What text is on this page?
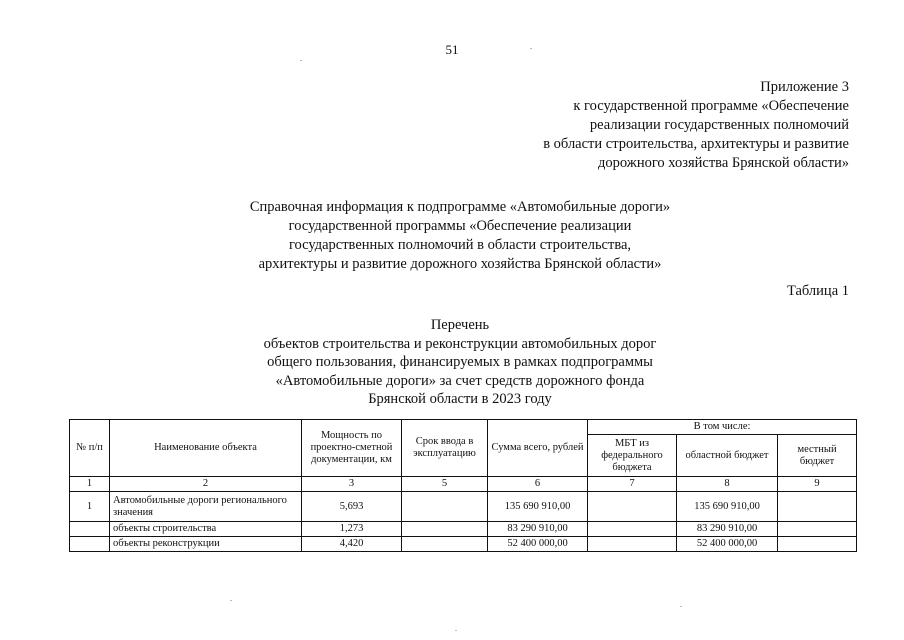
51
Приложение 3
к государственной программе «Обеспечение
реализации государственных полномочий
в области строительства, архитектуры и развитие
дорожного хозяйства Брянской области»
Справочная информация к подпрограмме «Автомобильные дороги»
государственной программы «Обеспечение реализации
государственных полномочий в области строительства,
архитектуры и развитие дорожного хозяйства Брянской области»
Таблица 1
Перечень
объектов строительства и реконструкции автомобильных дорог
общего пользования, финансируемых в рамках подпрограммы
«Автомобильные дороги» за счет средств дорожного фонда
Брянской области в 2023 году
№ п/п	Наименование объекта	Мощность по проектно-сметной документации, км	Срок ввода в эксплуатацию	Сумма всего, рублей	В том числе:		
					МБТ из федерального бюджета	областной бюджет	местный бюджет
1	2	3	5	6	7	8	9
1	Автомобильные дороги регионального значения	5,693		135 690 910,00		135 690 910,00	
	объекты строительства	1,273		83 290 910,00		83 290 910,00	
	объекты реконструкции	4,420		52 400 000,00		52 400 000,00	
